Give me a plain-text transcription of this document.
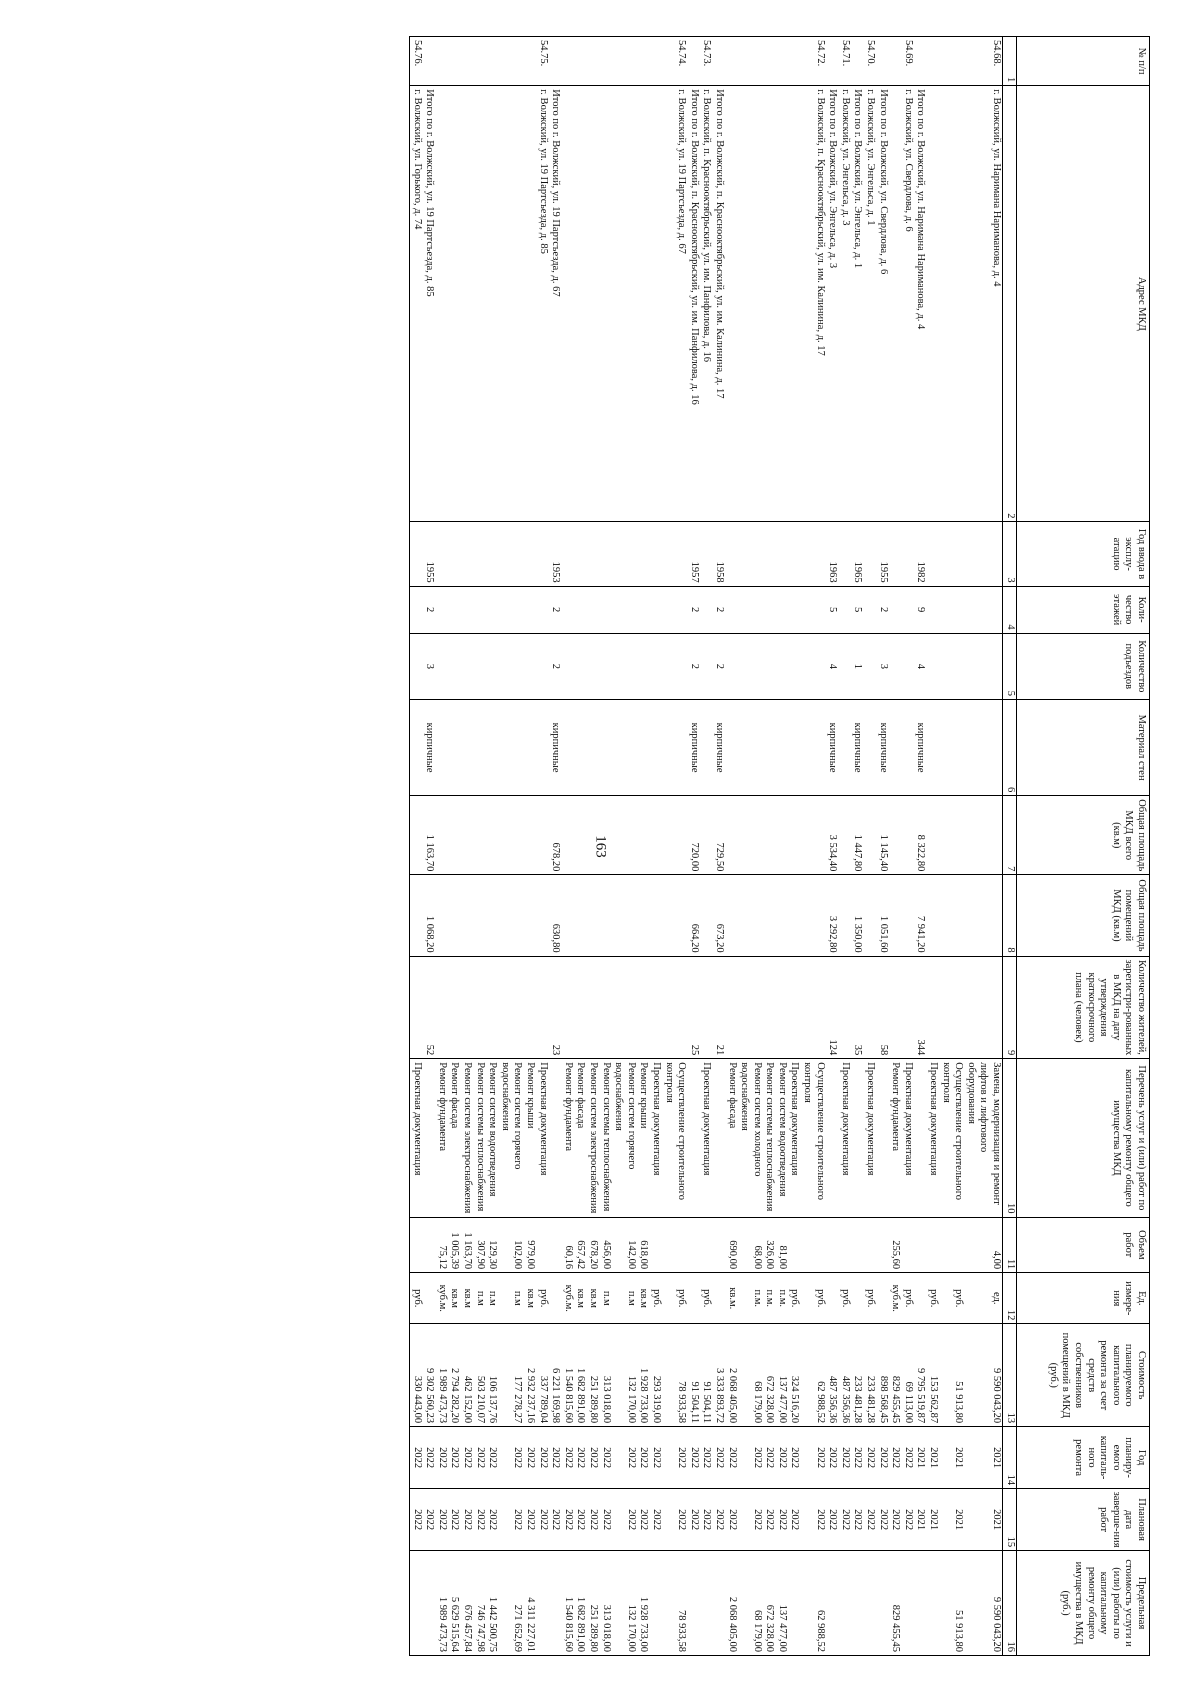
163
№ п/п	Адрес МКД	Год ввода в эксплу-атацию	Коли-чество этажей	Количество подъездов	Материал стен	Общая площадь МКД всего (кв.м)	Общая площадь помещений МКД (кв.м)	Количество жителей, зарегистри-рованных в МКД на дату утверждения краткосрочного плана (человек)	Перечень услуг и (или) работ по капитальному ремонту общего имущества МКД	Объем работ	Ед. измере-ния	Стоимость планируемого капитального ремонта за счет средств собственников помещений в МКД (руб.)	Год планиру-емого капиталь-ного ремонта	Плановая дата заверше-ния работ	Предельная стоимость услуги и (или) работы по капитальному ремонту общего имущества в МКД (руб.)
1	2	3	4	5	6	7	8	9	10	11	12	13	14	15	16
54.68.	г. Волжский, ул. Наримана Нариманова, д. 4								Замена, модернизация и ремонт лифтов и лифтового оборудования	4,00	ед.	9 590 043,20	2021	2021	9 590 043,20
									Осуществление строительного контроля		руб.	51 913,80	2021	2021	51 913,80
									Проектная документация		руб.	153 562,87	2021	2021	
	Итого по г. Волжский, ул. Наримана Нариманова, д. 4	1982	9	4	кирпичные	8 322,80	7 941,20	344				9 795 519,87	2021	2021	
54.69.	г. Волжский, ул. Свердлова, д. 6								Проектная документация		руб.	69 113,00	2022	2022	
									Ремонт фундамента	255,60	куб.м.	829 455,45	2022	2022	829 455,45
	Итого по г. Волжский, ул. Свердлова, д. 6	1955	2	3	кирпичные	1 145,40	1 051,60	58				898 568,45	2022	2022	
54.70.	г. Волжский, ул. Энгельса, д. 1								Проектная документация		руб.	233 481,28	2022	2022	
	Итого по г. Волжский, ул. Энгельса, д. 1	1965	5	1	кирпичные	1 447,80	1 350,00	35				233 481,28	2022	2022	
54.71.	г. Волжский, ул. Энгельса, д. 3								Проектная документация		руб.	487 356,36	2022	2022	
	Итого по г. Волжский, ул. Энгельса, д. 3	1963	5	4	кирпичные	3 534,40	3 292,80	124				487 356,36	2022	2022	
54.72.	г. Волжский, п. Краснооктябрьский, ул. им. Калинина, д. 17								Осуществление строительного контроля		руб.	62 988,52	2022	2022	62 988,52
									Проектная документация		руб.	324 516,20	2022	2022	
									Ремонт систем водоотведения	81,00	п.м.	137 477,00	2022	2022	137 477,00
									Ремонт системы теплоснабжения	326,00	п.м.	672 328,00	2022	2022	672 328,00
									Ремонт систем холодного водоснабжения	68,00	п.м.	68 179,00	2022	2022	68 179,00
									Ремонт фасада	690,00	кв.м.	2 068 405,00	2022	2022	2 068 405,00
	Итого по г. Волжский, п. Краснооктябрьский, ул. им. Калинина, д. 17	1958	2	2	кирпичные	729,50	673,20	21				3 333 893,72	2022	2022	
54.73.	г. Волжский, п. Краснооктябрьский, ул. им. Панфилова, д. 16								Проектная документация		руб.	91 504,11	2022	2022	
	Итого по г. Волжский, п. Краснооктябрьский, ул. им. Панфилова, д. 16	1957	2	2	кирпичные	720,00	664,20	25				91 504,11	2022	2022	
54.74.	г. Волжский, ул. 19 Партсъезда, д. 67								Осуществление строительного контроля		руб.	78 933,58	2022	2022	78 933,58
									Проектная документация		руб.	293 319,00	2022	2022	
									Ремонт крыши	618,00	кв.м	1 928 733,00	2022	2022	1 928 733,00
									Ремонт систем горячего водоснабжения	142,00	п.м	132 170,00	2022	2022	132 170,00
									Ремонт системы теплоснабжения	456,00	п.м	313 018,00	2022	2022	313 018,00
									Ремонт систем электроснабжения	678,20	кв.м	251 289,80	2022	2022	251 289,80
									Ремонт фасада	657,42	кв.м	1 682 891,00	2022	2022	1 682 891,00
									Ремонт фундамента	60,16	куб.м.	1 540 815,60	2022	2022	1 540 815,60
	Итого по г. Волжский, ул. 19 Партсъезда, д. 67	1953	2	2	кирпичные	678,20	630,80	23				6 221 169,98	2022	2022	
54.75.	г. Волжский, ул. 19 Партсъезда, д. 85								Проектная документация		руб.	337 789,04	2022	2022	
									Ремонт крыши	979,00	кв.м	2 932 237,16	2022	2022	4 311 227,01
									Ремонт систем горячего водоснабжения	102,00	п.м	177 278,27	2022	2022	271 652,69
									Ремонт систем водоотведения	129,30	п.м	106 137,76	2022	2022	1 442 500,75
									Ремонт системы теплоснабжения	307,90	п.м	503 210,07	2022	2022	746 747,98
									Ремонт систем электроснабжения	1 163,70	кв.м	462 152,00	2022	2022	676 457,84
									Ремонт фасада	1 005,39	кв.м	2 794 282,20	2022	2022	5 629 515,64
									Ремонт фундамента	75,12	куб.м.	1 989 473,73	2022	2022	1 989 473,73
	Итого по г. Волжский, ул. 19 Партсъезда, д. 85	1955	2	3	кирпичные	1 163,70	1 068,20	52				9 302 560,23	2022	2022	
54.76.	г. Волжский, ул. Горького, д. 74								Проектная документация		руб.	330 443,00	2022	2022	
